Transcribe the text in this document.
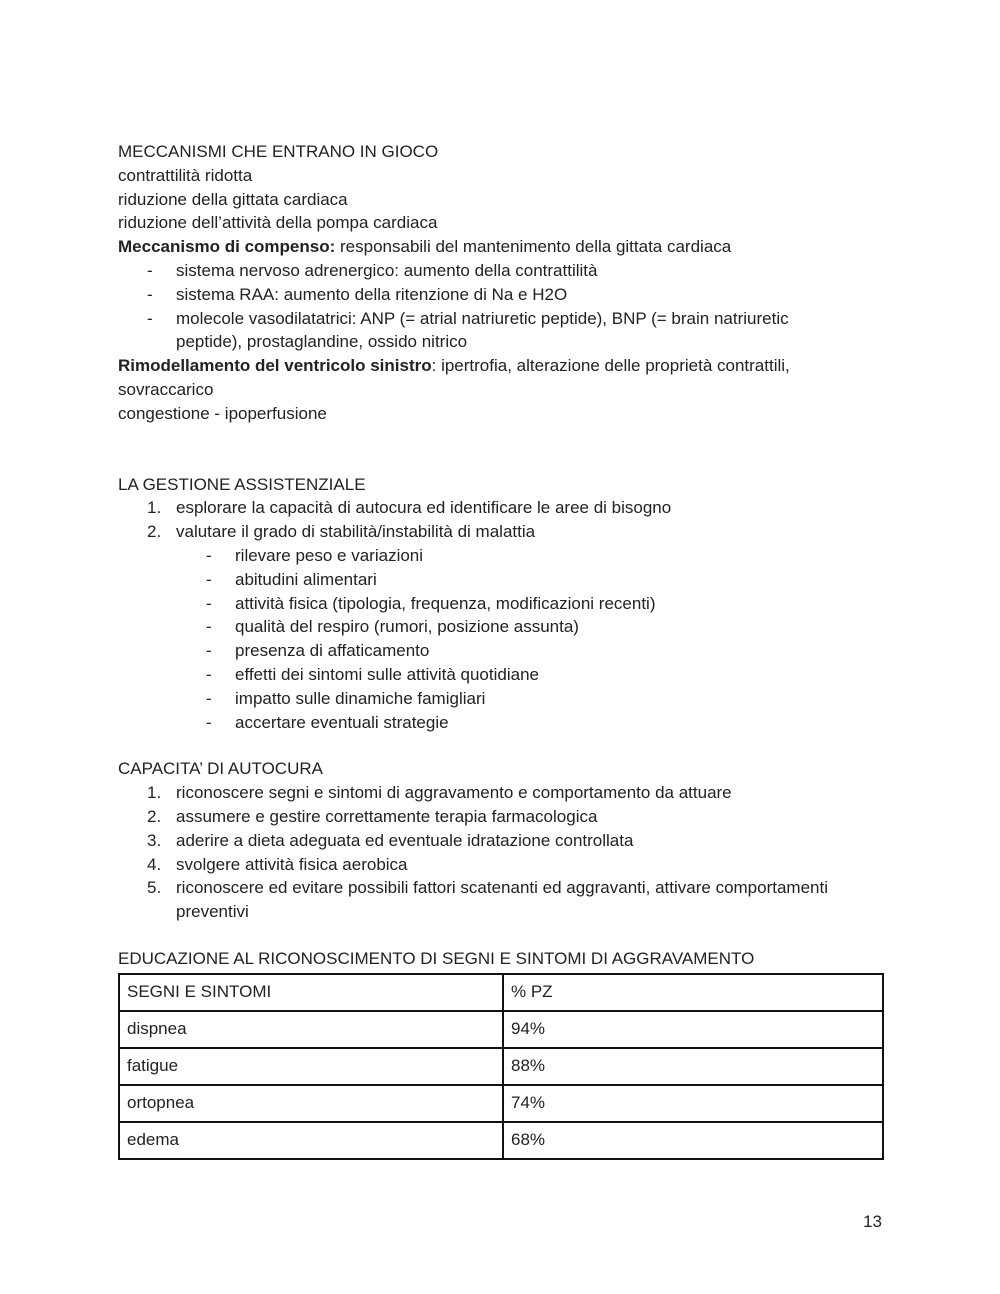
MECCANISMI CHE ENTRANO IN GIOCO

contrattilità ridotta

riduzione della gittata cardiaca

riduzione dell’attività della pompa cardiaca

Meccanismo di compenso: responsabili del mantenimento della gittata cardiaca

- sistema nervoso adrenergico: aumento della contrattilità
- sistema RAA: aumento della ritenzione di Na e H2O
- molecole vasodilatatrici: ANP (= atrial natriuretic peptide), BNP (= brain natriuretic peptide), prostaglandine, ossido nitrico

Rimodellamento del ventricolo sinistro: ipertrofia, alterazione delle proprietà contrattili, sovraccarico

congestione - ipoperfusione

LA GESTIONE ASSISTENZIALE

1. esplorare la capacità di autocura ed identificare le aree di bisogno
2. valutare il grado di stabilità/instabilità di malattia
- rilevare peso e variazioni
- abitudini alimentari
- attività fisica (tipologia, frequenza, modificazioni recenti)
- qualità del respiro (rumori, posizione assunta)
- presenza di affaticamento
- effetti dei sintomi sulle attività quotidiane
- impatto sulle dinamiche famigliari
- accertare eventuali strategie

CAPACITA’ DI AUTOCURA

1. riconoscere segni e sintomi di aggravamento e comportamento da attuare
2. assumere e gestire correttamente terapia farmacologica
3. aderire a dieta adeguata ed eventuale idratazione controllata
4. svolgere attività fisica aerobica
5. riconoscere ed evitare possibili fattori scatenanti ed aggravanti, attivare comportamenti preventivi

EDUCAZIONE AL RICONOSCIMENTO DI SEGNI E SINTOMI DI AGGRAVAMENTO

SEGNI E SINTOMI	% PZ
dispnea	94%
fatigue	88%
ortopnea	74%
edema	68%
13
